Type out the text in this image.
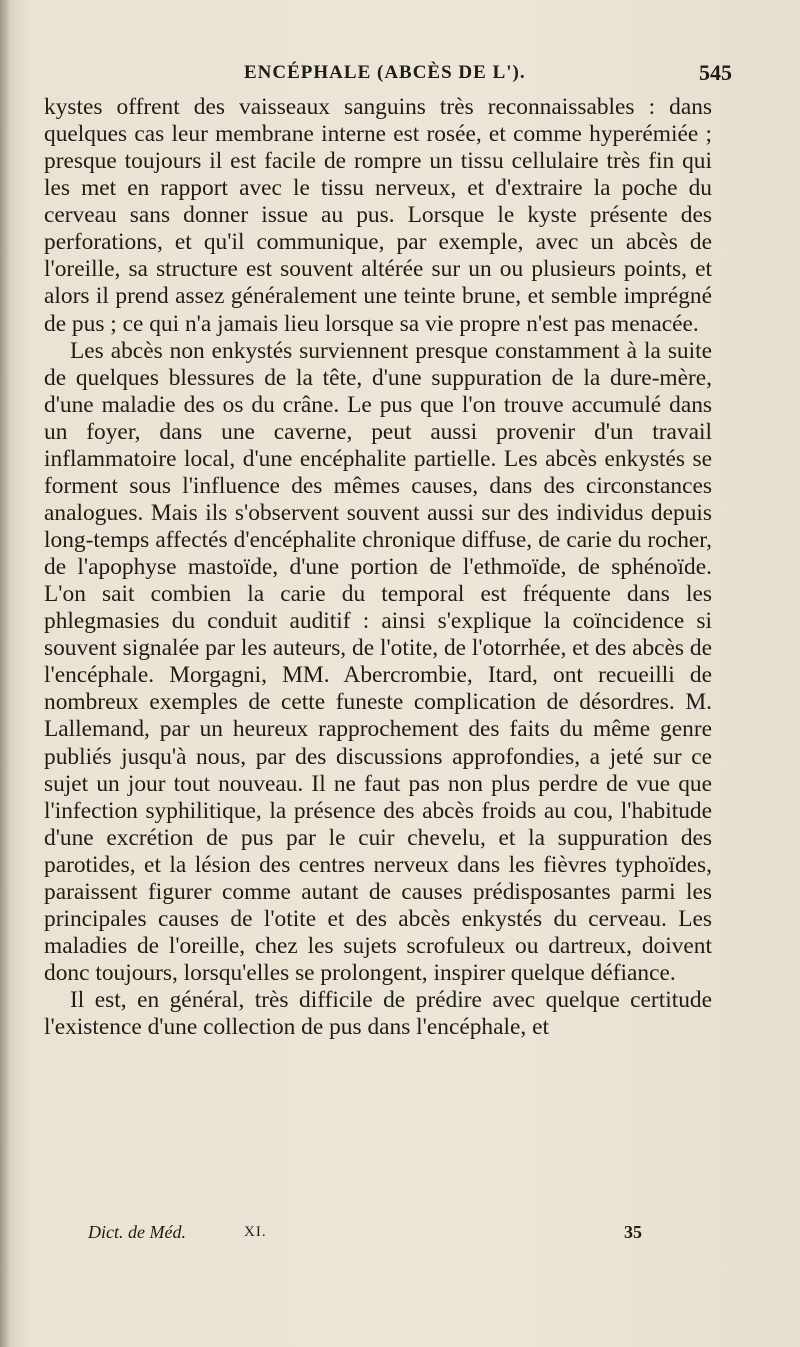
ENCÉPHALE (ABCÈS DE L').	545

kystes offrent des vaisseaux sanguins très reconnaissables : dans quelques cas leur membrane interne est rosée, et comme hyperémiée ; presque toujours il est facile de rompre un tissu cellulaire très fin qui les met en rapport avec le tissu nerveux, et d'extraire la poche du cerveau sans donner issue au pus. Lorsque le kyste présente des perforations, et qu'il communique, par exemple, avec un abcès de l'oreille, sa structure est souvent altérée sur un ou plusieurs points, et alors il prend assez généralement une teinte brune, et semble imprégné de pus ; ce qui n'a jamais lieu lorsque sa vie propre n'est pas menacée.

Les abcès non enkystés surviennent presque constamment à la suite de quelques blessures de la tête, d'une suppuration de la dure-mère, d'une maladie des os du crâne. Le pus que l'on trouve accumulé dans un foyer, dans une caverne, peut aussi provenir d'un travail inflammatoire local, d'une encéphalite partielle. Les abcès enkystés se forment sous l'influence des mêmes causes, dans des circonstances analogues. Mais ils s'observent souvent aussi sur des individus depuis long-temps affectés d'encéphalite chronique diffuse, de carie du rocher, de l'apophyse mastoïde, d'une portion de l'ethmoïde, de sphénoïde. L'on sait combien la carie du temporal est fréquente dans les phlegmasies du conduit auditif : ainsi s'explique la coïncidence si souvent signalée par les auteurs, de l'otite, de l'otorrhée, et des abcès de l'encéphale. Morgagni, MM. Abercrombie, Itard, ont recueilli de nombreux exemples de cette funeste complication de désordres. M. Lallemand, par un heureux rapprochement des faits du même genre publiés jusqu'à nous, par des discussions approfondies, a jeté sur ce sujet un jour tout nouveau. Il ne faut pas non plus perdre de vue que l'infection syphilitique, la présence des abcès froids au cou, l'habitude d'une excrétion de pus par le cuir chevelu, et la suppuration des parotides, et la lésion des centres nerveux dans les fièvres typhoïdes, paraissent figurer comme autant de causes prédisposantes parmi les principales causes de l'otite et des abcès enkystés du cerveau. Les maladies de l'oreille, chez les sujets scrofuleux ou dartreux, doivent donc toujours, lorsqu'elles se prolongent, inspirer quelque défiance.

Il est, en général, très difficile de prédire avec quelque certitude l'existence d'une collection de pus dans l'encéphale, et

Dict. de Méd.	XI.	35
